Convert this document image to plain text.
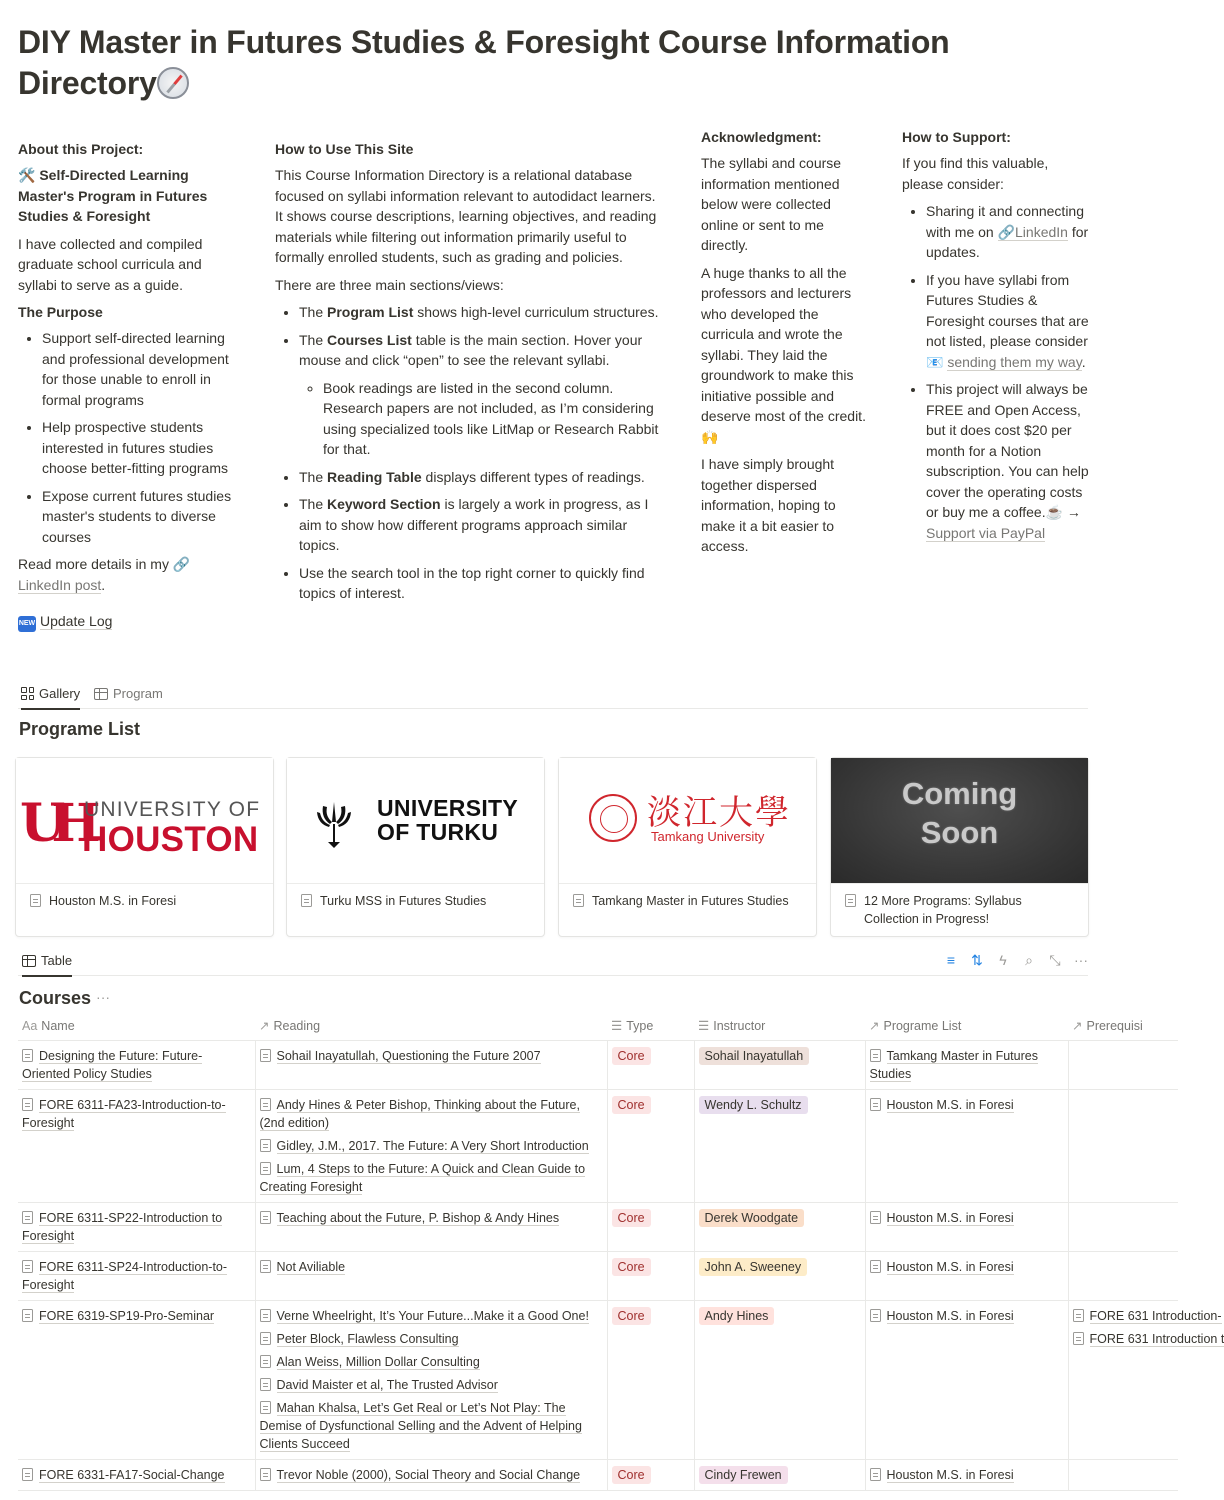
DIY Master in Futures Studies & Foresight Course Information Directory
About this Project:

🛠️ Self-Directed Learning Master's Program in Futures Studies & Foresight

I have collected and compiled graduate school curricula and syllabi to serve as a guide.

The Purpose
• Support self-directed learning and professional development for those unable to enroll in formal programs
• Help prospective students interested in futures studies choose better-fitting programs
• Expose current futures studies master's students to diverse courses

Read more details in my 🔗 LinkedIn post.

NEW Update Log

How to Use This Site

This Course Information Directory is a relational database focused on syllabi information relevant to autodidact learners. It shows course descriptions, learning objectives, and reading materials while filtering out information primarily useful to formally enrolled students, such as grading and policies.

There are three main sections/views:

• The Program List shows high-level curriculum structures.
• The Courses List table is the main section. Hover your mouse and click “open” to see the relevant syllabi.
◦ Book readings are listed in the second column. Research papers are not included, as I’m considering using specialized tools like LitMap or Research Rabbit for that.
• The Reading Table displays different types of readings.
• The Keyword Section is largely a work in progress, as I aim to show how different programs approach similar topics.
• Use the search tool in the top right corner to quickly find topics of interest.
Acknowledgment:

The syllabi and course information mentioned below were collected online or sent to me directly.

A huge thanks to all the professors and lecturers who developed the curricula and wrote the syllabi. They laid the groundwork to make this initiative possible and deserve most of the credit. 🙌

I have simply brought together dispersed information, hoping to make it a bit easier to access.

How to Support:

If you find this valuable, please consider:

• Sharing it and connecting with me on 🔗LinkedIn for updates.
• If you have syllabi from Futures Studies & Foresight courses that are not listed, please consider 📧 sending them my way.
• This project will always be FREE and Open Access, but it does cost $20 per month for a Notion subscription. You can help cover the operating costs or buy me a coffee.☕ → Support via PayPal
Gallery	Program
Programe List
UH
UNIVERSITY OF
HOUSTON
Houston M.S. in Foresi
UNIVERSITY OF TURKU
Turku MSS in Futures Studies
淡江大學
Tamkang University
Tamkang Master in Futures Studies
Coming Soon
12 More Programs: Syllabus Collection in Progress!
Table	≡ ⇅ ϟ ⌕ ⤡ ···
Courses ···
Aa Name	↗ Reading	☰ Type	☰ Instructor	↗ Programe List	↗ Prerequisi

Designing the Future: Future-Oriented Policy Studies	Sohail Inayatullah, Questioning the Future 2007	Core	Sohail Inayatullah	Tamkang Master in Futures Studies	

FORE 6311-FA23-Introduction-to-Foresight	Andy Hines & Peter Bishop, Thinking about the Future, (2nd edition)
Gidley, J.M., 2017. The Future: A Very Short Introduction
Lum, 4 Steps to the Future: A Quick and Clean Guide to Creating Foresight	Core	Wendy L. Schultz	Houston M.S. in Foresi	

FORE 6311-SP22-Introduction to Foresight	Teaching about the Future, P. Bishop & Andy Hines	Core	Derek Woodgate	Houston M.S. in Foresi	

FORE 6311-SP24-Introduction-to-Foresight	Not Aviliable	Core	John A. Sweeney	Houston M.S. in Foresi	

FORE 6319-SP19-Pro-Seminar	Verne Wheelright, It’s Your Future...Make it a Good One!
Peter Block, Flawless Consulting
Alan Weiss, Million Dollar Consulting
David Maister et al, The Trusted Advisor
Mahan Khalsa, Let’s Get Real or Let’s Not Play: The Demise of Dysfunctional Selling and the Advent of Helping Clients Succeed	Core	Andy Hines	Houston M.S. in Foresi	FORE 631 Introduction-
FORE 631 Introduction t

FORE 6331-FA17-Social-Change	Trevor Noble (2000), Social Theory and Social Change	Core	Cindy Frewen	Houston M.S. in Foresi	
